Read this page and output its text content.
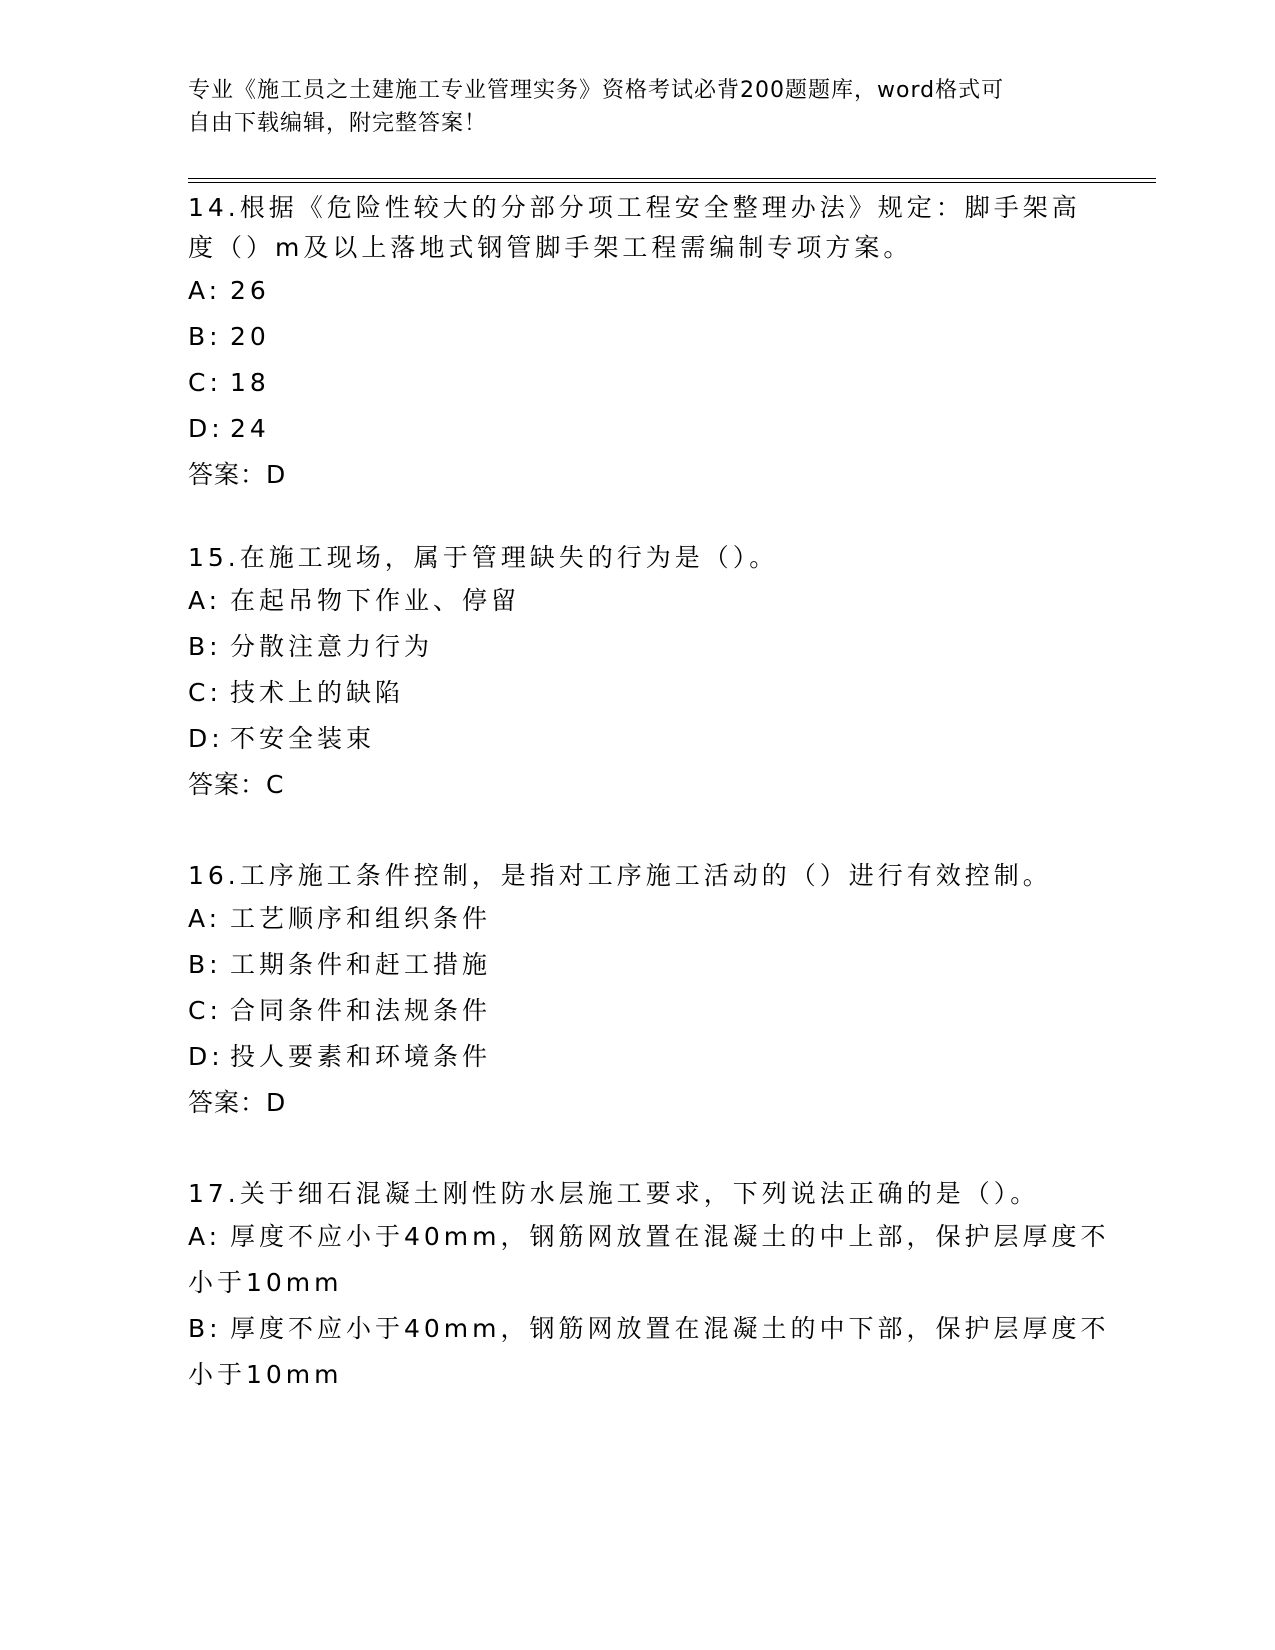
专业《施工员之土建施工专业管理实务》资格考试必背200题题库，word格式可
自由下载编辑，附完整答案！
14.根据《危险性较大的分部分项工程安全整理办法》规定：脚手架高
度（）m及以上落地式钢管脚手架工程需编制专项方案。
A: 26
B: 20
C: 18
D: 24
答案：D
15.在施工现场，属于管理缺失的行为是（）。
A: 在起吊物下作业、停留
B: 分散注意力行为
C: 技术上的缺陷
D: 不安全装束
答案：C
16.工序施工条件控制，是指对工序施工活动的（）进行有效控制。
A: 工艺顺序和组织条件
B: 工期条件和赶工措施
C: 合同条件和法规条件
D: 投人要素和环境条件
答案：D
17.关于细石混凝土刚性防水层施工要求，下列说法正确的是（）。
A: 厚度不应小于40mm，钢筋网放置在混凝土的中上部，保护层厚度不
小于10mm
B: 厚度不应小于40mm，钢筋网放置在混凝土的中下部，保护层厚度不
小于10mm
